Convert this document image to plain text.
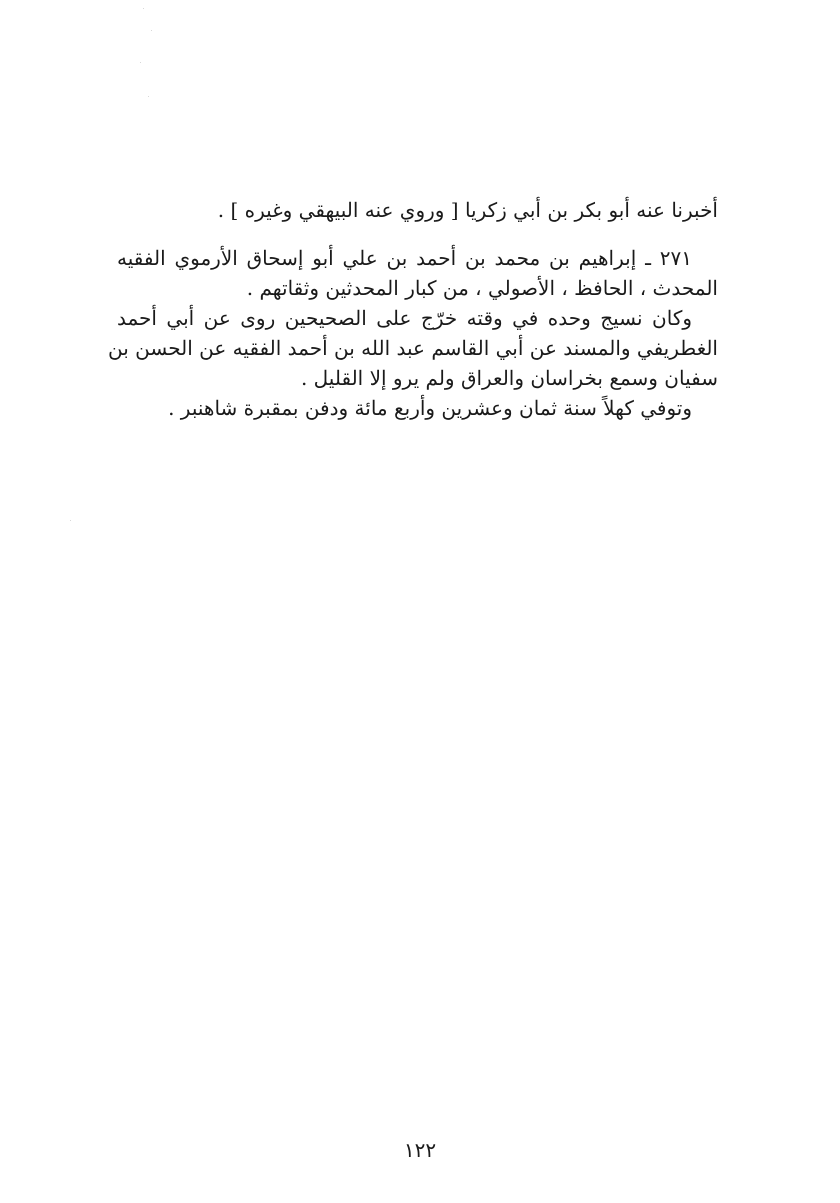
أخبرنا عنه أبو بكر بن أبي زكريا [ وروي عنه البيهقي وغيره ] .
٢٧١ ـ إبراهيم بن محمد بن أحمد بن علي أبو إسحاق الأرموي الفقيه
المحدث ، الحافظ ، الأصولي ، من كبار المحدثين وثقاتهم .
وكان نسيج وحده في وقته خرّج على الصحيحين روى عن أبي أحمد
الغطريفي والمسند عن أبي القاسم عبد الله بن أحمد الفقيه عن الحسن بن
سفيان وسمع بخراسان والعراق ولم يرو إلا القليل .
وتوفي كهلاً سنة ثمان وعشرين وأربع مائة ودفن بمقبرة شاهنبر .
١٢٢
